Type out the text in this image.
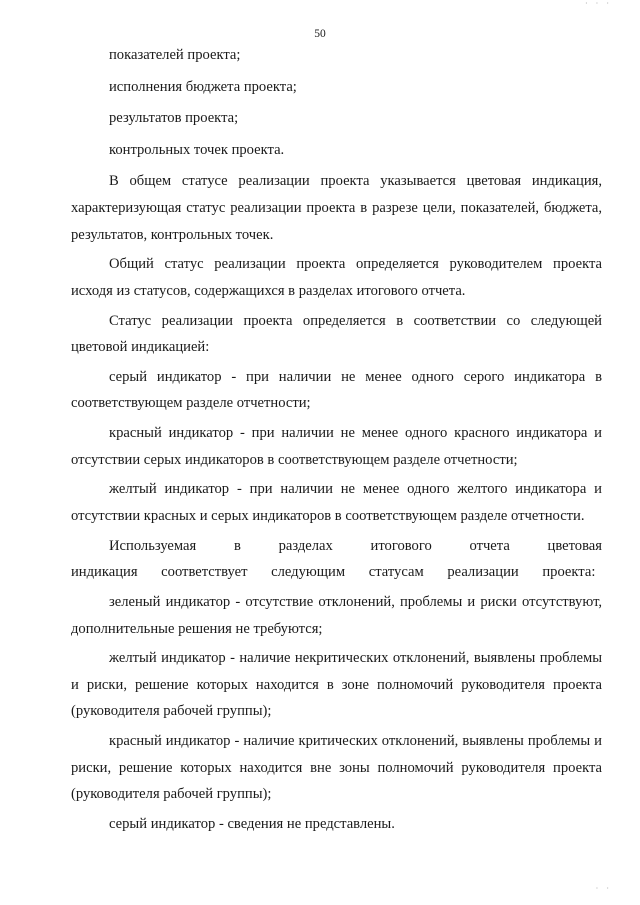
· · ·
50

показателей проекта;

исполнения бюджета проекта;

результатов проекта;

контрольных точек проекта.

В общем статусе реализации проекта указывается цветовая индикация, характеризующая статус реализации проекта в разрезе цели, показателей, бюджета, результатов, контрольных точек.

Общий статус реализации проекта определяется руководителем проекта исходя из статусов, содержащихся в разделах итогового отчета.

Статус реализации проекта определяется в соответствии со следующей цветовой индикацией:

серый индикатор - при наличии не менее одного серого индикатора в соответствующем разделе отчетности;

красный индикатор - при наличии не менее одного красного индикатора и отсутствии серых индикаторов в соответствующем разделе отчетности;

желтый индикатор - при наличии не менее одного желтого индикатора и отсутствии красных и серых индикаторов в соответствующем разделе отчетности.

Используемая в разделах итогового отчета цветовая индикация соответствует следующим статусам реализации проекта:

зеленый индикатор - отсутствие отклонений, проблемы и риски отсутствуют, дополнительные решения не требуются;

желтый индикатор - наличие некритических отклонений, выявлены проблемы и риски, решение которых находится в зоне полномочий руководителя проекта (руководителя рабочей группы);

красный индикатор - наличие критических отклонений, выявлены проблемы и риски, решение которых находится вне зоны полномочий руководителя проекта (руководителя рабочей группы);

серый индикатор - сведения не представлены.

· ·
